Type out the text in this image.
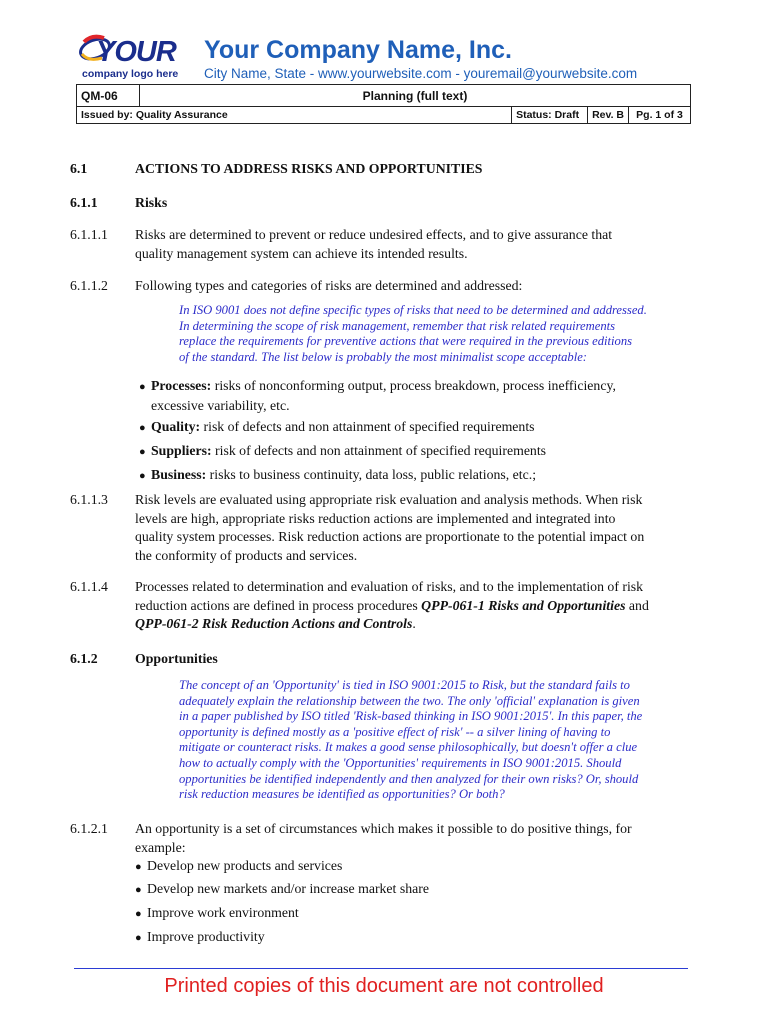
YOUR
company logo here
Your Company Name, Inc.
City Name, State - www.yourwebsite.com - youremail@yourwebsite.com
QM-06	Planning (full text)			
Issued by: Quality Assurance		Status: Draft	Rev. B	Pg. 1 of 3
6.1	ACTIONS TO ADDRESS RISKS AND OPPORTUNITIES
6.1.1	Risks
6.1.1.1 Risks are determined to prevent or reduce undesired effects, and to give assurance that
quality management system can achieve its intended results.
6.1.1.2 Following types and categories of risks are determined and addressed:
In ISO 9001 does not define specific types of risks that need to be determined and addressed.
In determining the scope of risk management, remember that risk related requirements
replace the requirements for preventive actions that were required in the previous editions
of the standard. The list below is probably the most minimalist scope acceptable:
● Processes: risks of nonconforming output, process breakdown, process inefficiency,
excessive variability, etc.
● Quality: risk of defects and non attainment of specified requirements
● Suppliers: risk of defects and non attainment of specified requirements
● Business: risks to business continuity, data loss, public relations, etc.;
6.1.1.3 Risk levels are evaluated using appropriate risk evaluation and analysis methods. When risk
levels are high, appropriate risks reduction actions are implemented and integrated into
quality system processes. Risk reduction actions are proportionate to the potential impact on
the conformity of products and services.
6.1.1.4 Processes related to determination and evaluation of risks, and to the implementation of risk
reduction actions are defined in process procedures QPP-061-1 Risks and Opportunities and
QPP-061-2 Risk Reduction Actions and Controls.
6.1.2	Opportunities
The concept of an 'Opportunity' is tied in ISO 9001:2015 to Risk, but the standard fails to
adequately explain the relationship between the two. The only 'official' explanation is given
in a paper published by ISO titled 'Risk-based thinking in ISO 9001:2015'. In this paper, the
opportunity is defined mostly as a 'positive effect of risk' -- a silver lining of having to
mitigate or counteract risks. It makes a good sense philosophically, but doesn't offer a clue
how to actually comply with the 'Opportunities' requirements in ISO 9001:2015. Should
opportunities be identified independently and then analyzed for their own risks? Or, should
risk reduction measures be identified as opportunities? Or both?
6.1.2.1 An opportunity is a set of circumstances which makes it possible to do positive things, for
example:
● Develop new products and services
● Develop new markets and/or increase market share
● Improve work environment
● Improve productivity
Printed copies of this document are not controlled
